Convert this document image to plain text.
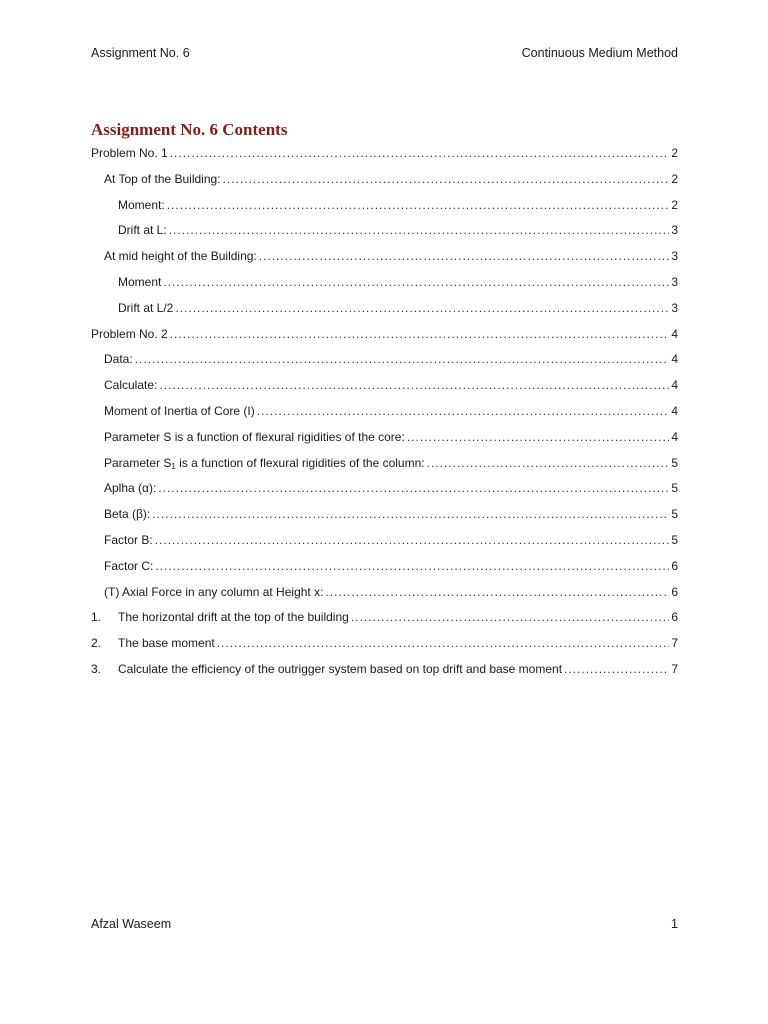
Assignment No. 6	Continuous Medium Method
Assignment No. 6 Contents
Problem No. 1 .....	2
At Top of the Building: .....	2
Moment: .....	2
Drift at L: .....	3
At mid height of the Building: .....	3
Moment .....	3
Drift at L/2 .....	3
Problem No. 2 .....	4
Data: .....	4
Calculate: .....	4
Moment of Inertia of Core (I) .....	4
Parameter S is a function of flexural rigidities of the core: .....	4
Parameter $S_1$ is a function of flexural rigidities of the column: .....	5
Aplha (α): .....	5
Beta (β): .....	5
Factor B: .....	5
Factor C: .....	6
(T) Axial Force in any column at Height x: .....	6
1.	The horizontal drift at the top of the building .....	6
2.	The base moment .....	7
3.	Calculate the efficiency of the outrigger system based on top drift and base moment .....	7
Afzal Waseem	1
